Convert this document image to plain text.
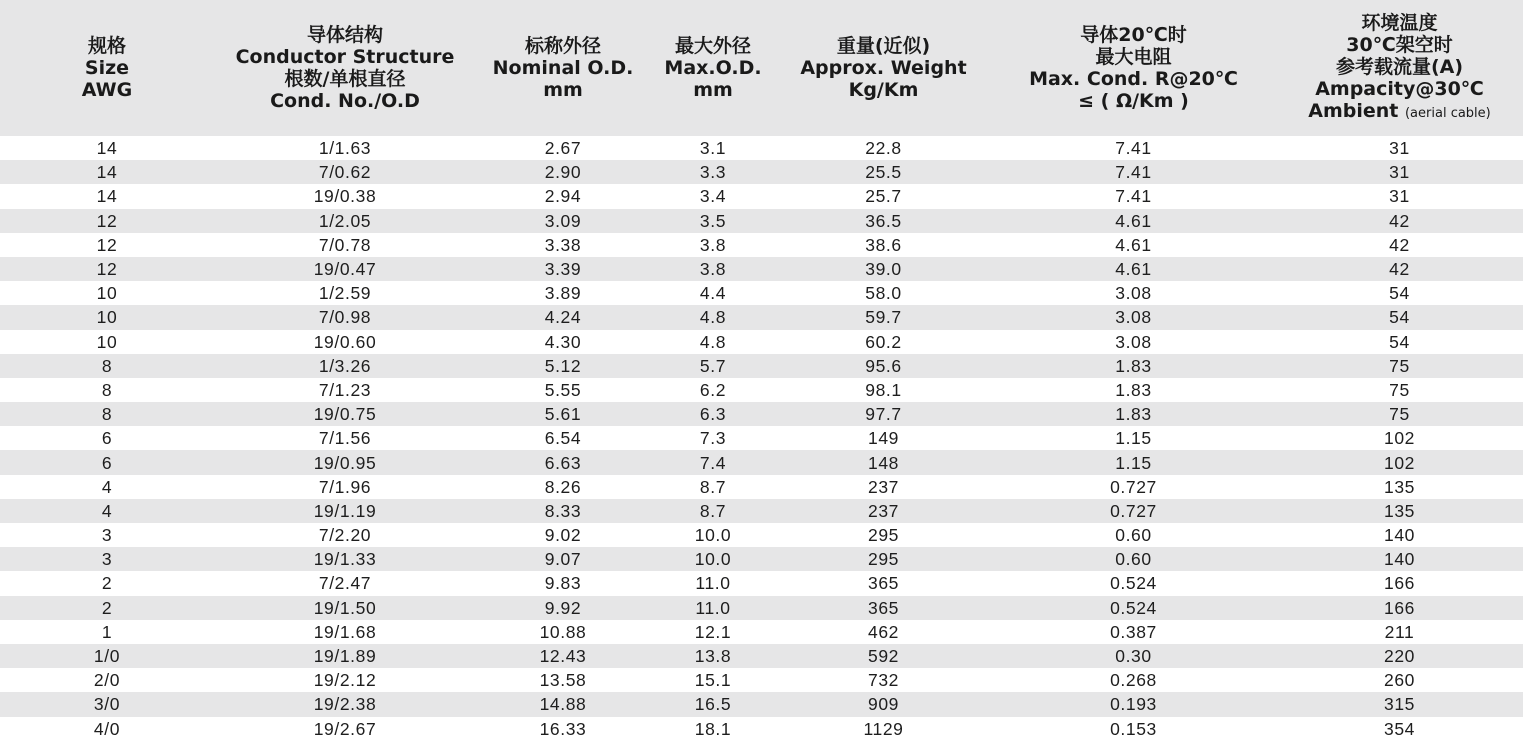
规格
Size
AWG	导体结构
Conductor Structure
根数/单根直径
Cond. No./O.D	标称外径
Nominal O.D.
mm	最大外径
Max.O.D.
mm	重量(近似)
Approx. Weight
Kg/Km	导体20℃时
最大电阻
Max. Cond. R@20℃
≤ ( Ω/Km )	环境温度
30℃架空时
参考载流量(A)
Ampacity@30℃
Ambient (aerial cable)

14	1/1.63	2.67	3.1	22.8	7.41	31
14	7/0.62	2.90	3.3	25.5	7.41	31
14	19/0.38	2.94	3.4	25.7	7.41	31
12	1/2.05	3.09	3.5	36.5	4.61	42
12	7/0.78	3.38	3.8	38.6	4.61	42
12	19/0.47	3.39	3.8	39.0	4.61	42
10	1/2.59	3.89	4.4	58.0	3.08	54
10	7/0.98	4.24	4.8	59.7	3.08	54
10	19/0.60	4.30	4.8	60.2	3.08	54
8	1/3.26	5.12	5.7	95.6	1.83	75
8	7/1.23	5.55	6.2	98.1	1.83	75
8	19/0.75	5.61	6.3	97.7	1.83	75
6	7/1.56	6.54	7.3	149	1.15	102
6	19/0.95	6.63	7.4	148	1.15	102
4	7/1.96	8.26	8.7	237	0.727	135
4	19/1.19	8.33	8.7	237	0.727	135
3	7/2.20	9.02	10.0	295	0.60	140
3	19/1.33	9.07	10.0	295	0.60	140
2	7/2.47	9.83	11.0	365	0.524	166
2	19/1.50	9.92	11.0	365	0.524	166
1	19/1.68	10.88	12.1	462	0.387	211
1/0	19/1.89	12.43	13.8	592	0.30	220
2/0	19/2.12	13.58	15.1	732	0.268	260
3/0	19/2.38	14.88	16.5	909	0.193	315
4/0	19/2.67	16.33	18.1	1129	0.153	354
